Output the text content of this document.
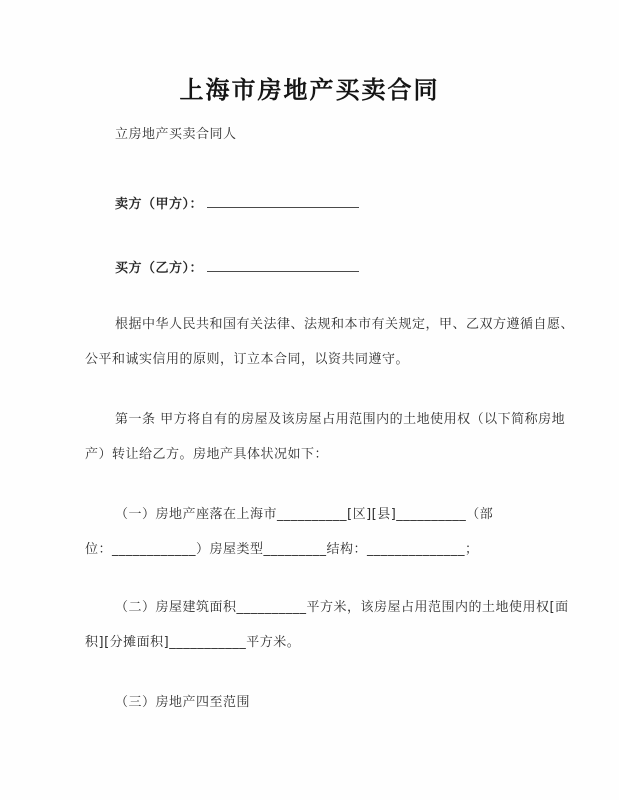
上海市房地产买卖合同
立房地产买卖合同人
卖方（甲方）：
买方（乙方）：
根据中华人民共和国有关法律、法规和本市有关规定，甲、乙双方遵循自愿、
公平和诚实信用的原则，订立本合同，以资共同遵守。
第一条 甲方将自有的房屋及该房屋占用范围内的土地使用权（以下简称房地
产）转让给乙方。房地产具体状况如下：
（一）房地产座落在上海市__________[区][县]__________（部
位：____________）房屋类型_________结构：______________；
（二）房屋建筑面积__________平方米，该房屋占用范围内的土地使用权[面
积][分摊面积]___________平方米。
（三）房地产四至范围
